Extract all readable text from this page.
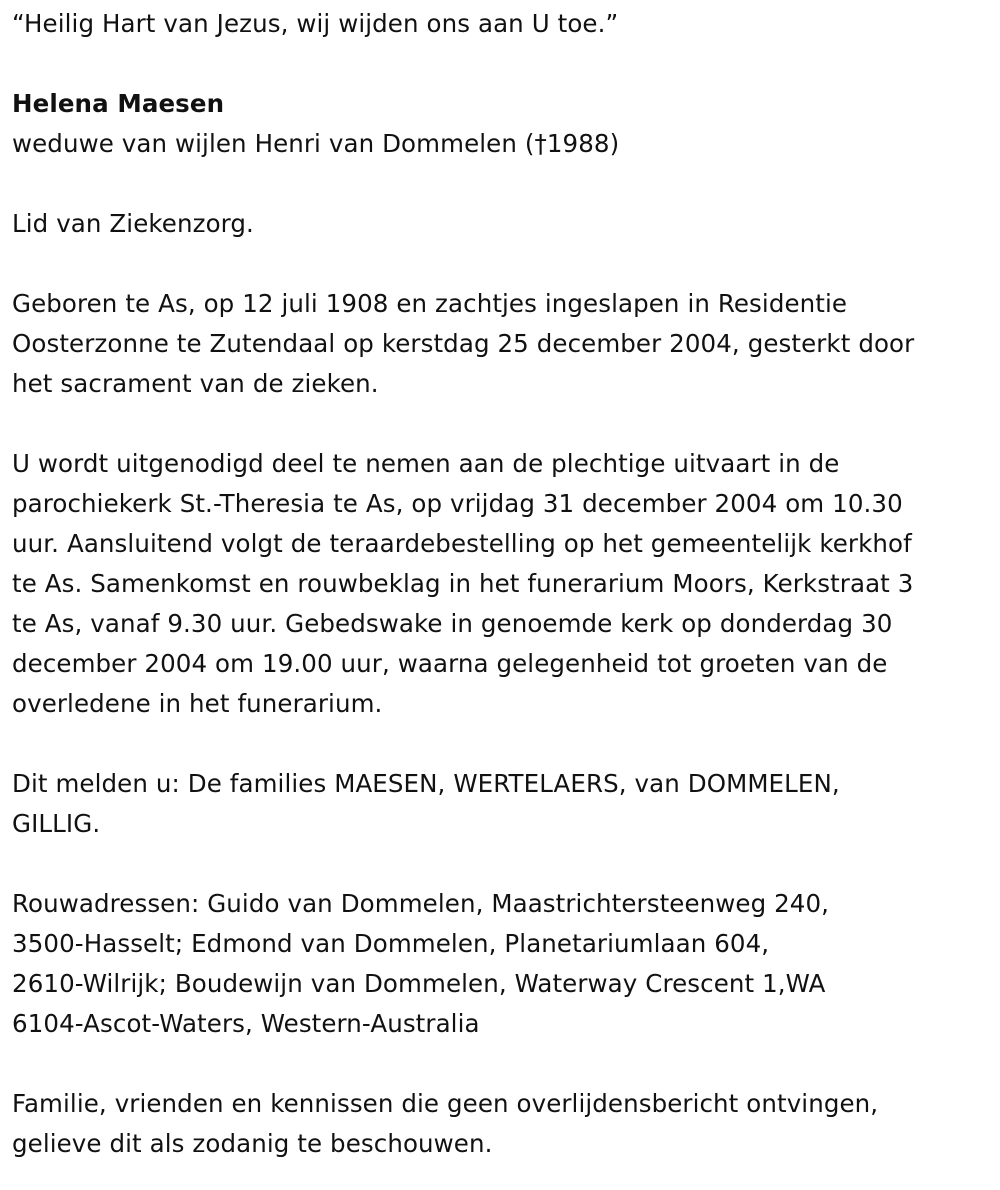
“Heilig Hart van Jezus, wij wijden ons aan U toe.”

Helena Maesen

weduwe van wijlen Henri van Dommelen (†1988)

Lid van Ziekenzorg.

Geboren te As, op 12 juli 1908 en zachtjes ingeslapen in Residentie
Oosterzonne te Zutendaal op kerstdag 25 december 2004, gesterkt door
het sacrament van de zieken.

U wordt uitgenodigd deel te nemen aan de plechtige uitvaart in de
parochiekerk St.-Theresia te As, op vrijdag 31 december 2004 om 10.30
uur. Aansluitend volgt de teraardebestelling op het gemeentelijk kerkhof
te As. Samenkomst en rouwbeklag in het funerarium Moors, Kerkstraat 3
te As, vanaf 9.30 uur. Gebedswake in genoemde kerk op donderdag 30
december 2004 om 19.00 uur, waarna gelegenheid tot groeten van de
overledene in het funerarium.

Dit melden u: De families MAESEN, WERTELAERS, van DOMMELEN,
GILLIG.

Rouwadressen: Guido van Dommelen, Maastrichtersteenweg 240,
3500-Hasselt; Edmond van Dommelen, Planetariumlaan 604,
2610-Wilrijk; Boudewijn van Dommelen, Waterway Crescent 1,WA
6104-Ascot-Waters, Western-Australia

Familie, vrienden en kennissen die geen overlijdensbericht ontvingen,
gelieve dit als zodanig te beschouwen.
